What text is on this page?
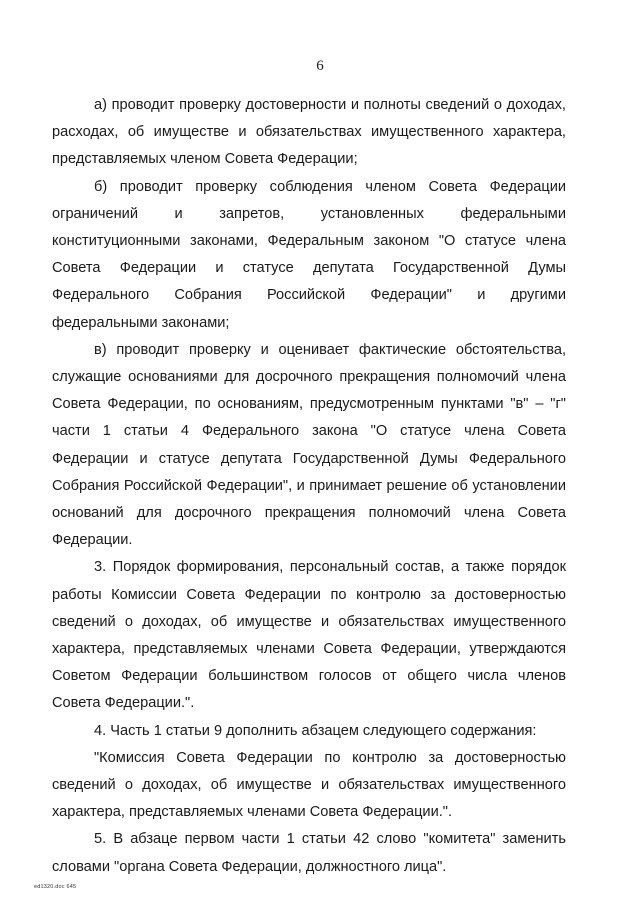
6

а) проводит проверку достоверности и полноты сведений о доходах, расходах, об имуществе и обязательствах имущественного характера, представляемых членом Совета Федерации;

б) проводит проверку соблюдения членом Совета Федерации ограничений и запретов, установленных федеральными конституционными законами, Федеральным законом "О статусе члена Совета Федерации и статусе депутата Государственной Думы Федерального Собрания Российской Федерации" и другими федеральными законами;

в) проводит проверку и оценивает фактические обстоятельства, служащие основаниями для досрочного прекращения полномочий члена Совета Федерации, по основаниям, предусмотренным пунктами "в" – "г" части 1 статьи 4 Федерального закона "О статусе члена Совета Федерации и статусе депутата Государственной Думы Федерального Собрания Российской Федерации", и принимает решение об установлении оснований для досрочного прекращения полномочий члена Совета Федерации.

3. Порядок формирования, персональный состав, а также порядок работы Комиссии Совета Федерации по контролю за достоверностью сведений о доходах, об имуществе и обязательствах имущественного характера, представляемых членами Совета Федерации, утверждаются Советом Федерации большинством голосов от общего числа членов Совета Федерации.".

4. Часть 1 статьи 9 дополнить абзацем следующего содержания:

"Комиссия Совета Федерации по контролю за достоверностью сведений о доходах, об имуществе и обязательствах имущественного характера, представляемых членами Совета Федерации.".

5. В абзаце первом части 1 статьи 42 слово "комитета" заменить словами "органа Совета Федерации, должностного лица".

ed1320.doc 645
